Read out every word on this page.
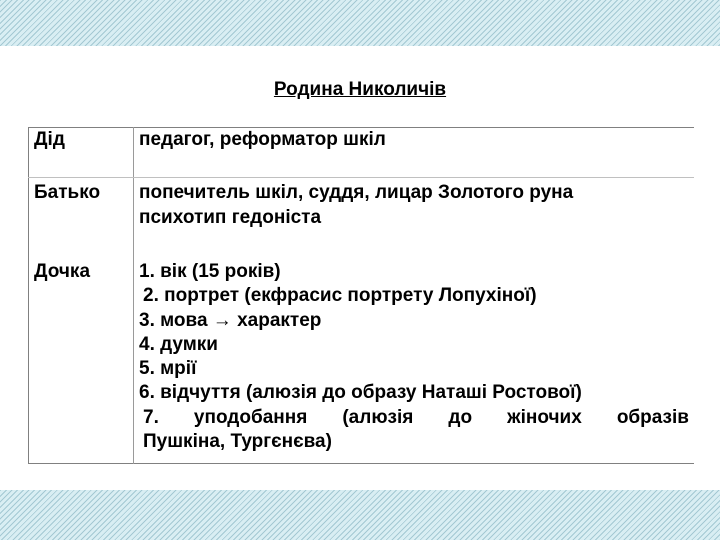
Родина Николичів
Дід	педагог, реформатор шкіл
Батько попечитель шкіл, суддя, лицар Золотого руна
психотип гедоніста
Дочка	1. вік (15 років)
2. портрет (екфрасис портрету Лопухіної)
3. мова → характер
4. думки
5. мрії
6. відчуття (алюзія до образу Наташі Ростової)
7. уподобання (алюзія до жіночих образів
Пушкіна, Тургєнєва)
